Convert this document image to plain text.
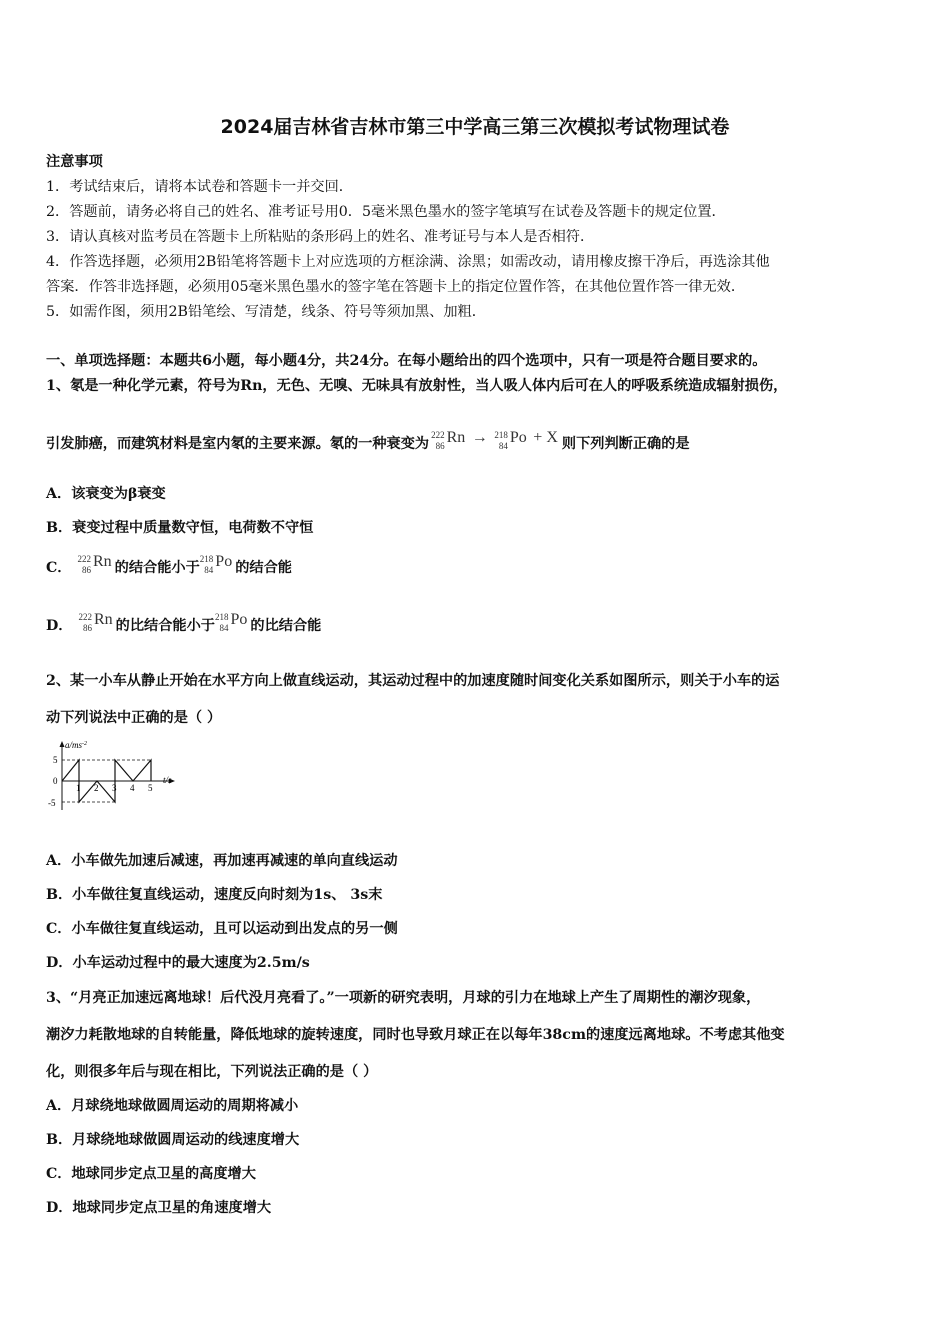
2024届吉林省吉林市第三中学高三第三次模拟考试物理试卷
注意事项
1．考试结束后，请将本试卷和答题卡一并交回．
2．答题前，请务必将自己的姓名、准考证号用0．5毫米黑色墨水的签字笔填写在试卷及答题卡的规定位置．
3．请认真核对监考员在答题卡上所粘贴的条形码上的姓名、准考证号与本人是否相符．
4．作答选择题，必须用2B铅笔将答题卡上对应选项的方框涂满、涂黑；如需改动，请用橡皮擦干净后，再选涂其他
答案．作答非选择题，必须用05毫米黑色墨水的签字笔在答题卡上的指定位置作答，在其他位置作答一律无效．
5．如需作图，须用2B铅笔绘、写清楚，线条、符号等须加黑、加粗．
一、单项选择题：本题共6小题，每小题4分，共24分。在每小题给出的四个选项中，只有一项是符合题目要求的。
1、氡是一种化学元素，符号为Rn，无色、无嗅、无味具有放射性，当人吸人体内后可在人的呼吸系统造成辐射损伤，
引发肺癌，而建筑材料是室内氡的主要来源。氡的一种衰变为
222
86 Rn → 218
84 Po + X 则下列判断正确的是
A．该衰变为β衰变
B．衰变过程中质量数守恒，电荷数不守恒
C．
222
86 Rn 的结合能小于
218
84 Po 的结合能
D．
222
86 Rn 的比结合能小于
218
84 Po 的比结合能
2、某一小车从静止开始在水平方向上做直线运动，其运动过程中的加速度随时间变化关系如图所示，则关于小车的运
动下列说法中正确的是（ ）
$a/ms^{-2}$
t/s
5
0
-5
1 2 3 4 5
A．小车做先加速后减速，再加速再减速的单向直线运动
B．小车做往复直线运动，速度反向时刻为1s、 3s末
C．小车做往复直线运动，且可以运动到出发点的另一侧
D．小车运动过程中的最大速度为2.5m/s
3、“月亮正加速远离地球！后代没月亮看了。”一项新的研究表明，月球的引力在地球上产生了周期性的潮汐现象，
潮汐力耗散地球的自转能量，降低地球的旋转速度，同时也导致月球正在以每年38cm的速度远离地球。不考虑其他变
化，则很多年后与现在相比，下列说法正确的是（ ）
A．月球绕地球做圆周运动的周期将减小
B．月球绕地球做圆周运动的线速度增大
C．地球同步定点卫星的高度增大
D．地球同步定点卫星的角速度增大
